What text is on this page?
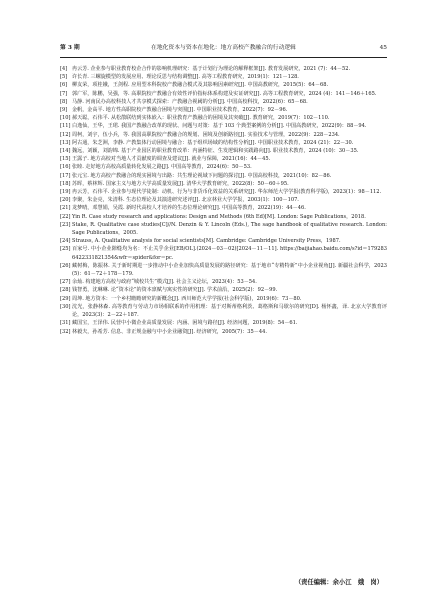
第 3 期	在地化资本与资本在地化：地方高校产教融合的行动逻辑	45
[4] 冉云芳. 企业参与职业教育校企合作的影响机理研究：基于计划行为理论的解释框架[J]. 教育发展研究，2021 (7)：44－52.
[5] 许长青. 三螺旋模型的发展应用、理论反思与结构调整[J]. 高等工程教育研究，2019(1)：121－128.
[6] 柳友荣，项桂娥，王剑程. 应用型本科院校产教融合模式及其影响因素研究[J]. 中国高教研究，2015(5)：64－68.
[7] 郭广军，陈鹏，吴强，等. 高职院校产教融合有效性评价指标体系构建及实证研究[J]. 高等工程教育研究，2024 (4)：141－146＋165.
[8] 马静. 河南民办高校科技人才共享模式探索：产教融合视阈的分析[J]. 中国高校科技，2022(6)：65－68.
[9] 金帆，金高平. 地方性高职院校产教融合困境与突围[J]. 中国职业技术教育，2022(7)：92－96.
[10] 郝天聪，石伟平. 从松散联结到实体嵌入：职业教育产教融合的困境及其突破[J]. 教育研究，2019(7)：102－110.
[11] 白逸仙，王华，王珺. 我国产教融合改革的现状、问题与对策：基于 103 个典型案例的分析[J]. 中国高教研究，2022(9)：88－94.
[12] 周柯，刘宇，伍小兵，等. 我国高职院校产教融合的规划、困境及创新路径[J]. 实验技术与管理，2022(9)：228－234.
[13] 阿古通，朱芝洲，李静. 产教集体行动困境与融合：基于组织场域的结构性分析[J]. 中国职业技术教育，2024 (21)：22－30.
[14] 魏远，刘颖，刘韵锦. 基于产业园区的职业教育改革：内涵特征、生发逻辑和实践路向[J]. 职业技术教育，2024 (10)：30－35.
[15] 王露子. 地方高校对当地人才贡献度的调查及建议[J]. 就业与保障，2021(16)：44－45.
[16] 张睦. 走好地方高校高质量转化发展之路[J]. 中国高等教育，2024(6)：50－53.
[17] 张元宝. 地方高校产教融合的现实困境与出路：共生理论视域下问题的探讨[J]. 中国高校科技，2021(10)：82－86.
[18] 苏晖，蔡林辉. 国家主义与地方大学高质量发展[J]. 清华大学教育研究，2022(8)：50－60＋95.
[19] 冉云芳，石伟平. 企业参与现代学徒制：动机、行为与非货币化效益的关系研究[J]. 华东师范大学学报(教育科学版)，2023(1)：98－112.
[20] 李聚，朱金亮，朱清科. 生态位理论及其演进研究述评[J]. 北京林业大学学报，2003(1)：100－107.
[21] 龙梦晴，邓慧娟，吴霞. 新时代高校人才培养的生态位理论研究[J]. 中国高等教育，2022(19)：44－46.
[22] Yin R. Case study research and applications: Design and Methods (6th Ed)[M]. London: Sage Publications，2018.
[23] Stake, R. Qualitative case studies[C]//N. Denzin & Y. Lincoln (Eds.), The sage handbook of qualitative research. London: Sage Publications，2005.
[24] Strauss, A. Qualitative analysis for social scientists[M]. Cambridge: Cambridge University Press，1987.
[25] 百家号. 中小企业隙缝均为名：不止关乎企业[EB/OL].(2024－03－02)[2024－11－11]. https://baijiahao.baidu.com/s?id＝1792836422331821354&wfr＝spider&for＝pc.
[26] 藏树梅，陈振林. 关于新时期进一步推动中小企业加快高质量发展的路径研究：基于地市“专精特新”中小企业视角[J]. 新疆社会科学，2023(5)：61－72＋178－179.
[27] 余灿. 构建地方高校与政府“城校共生”模式[J]. 社会主义论坛，2023(4)：53－54.
[28] 钱智勇，沈琳琳. 论“资本论”的资本禀赋与寓实性的研究[J]. 学术前沿，2025(2)：92－99.
[29] 周坤. 地方资本：一个乡村瞻瞻研究的新概念[J]. 西川师范大学学报(社会科学版)，2019(6)：73－80.
[30] 沈光，张静林森. 高等教育与劳动力市场相联系的作用机理：基于对斯蒂格利茨、葛格斯和马歇尔的研究[D]. 杨怀鑫，译. 北京大学教育评论，2023(3)：2－22＋187.
[31] 藏国宝，王泽伟. 民营中小微企业高质量发展：内涵、困境与路径[J]. 经济问题，2019(8)：54－61.
[32] 林毅夫，孙希芳. 信息、非正规金融与中小企业融资[J]. 经济研究，2005(7)：35－44.
（责任编辑：余小江　娥　岗）
